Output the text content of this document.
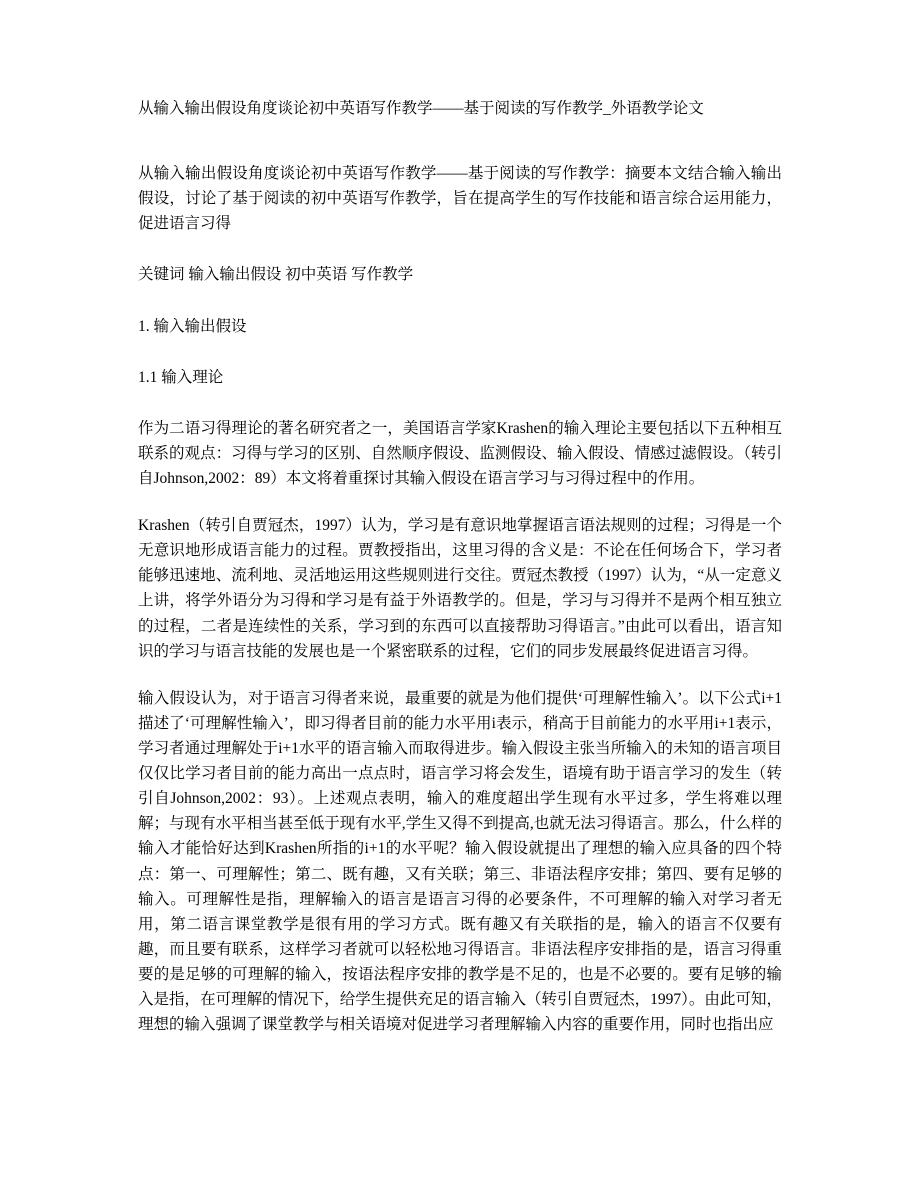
从输入输出假设角度谈论初中英语写作教学——基于阅读的写作教学_外语教学论文

从输入输出假设角度谈论初中英语写作教学——基于阅读的写作教学：摘要本文结合输入输出假设，讨论了基于阅读的初中英语写作教学，旨在提高学生的写作技能和语言综合运用能力，促进语言习得

关键词 输入输出假设 初中英语 写作教学

1. 输入输出假设

1.1 输入理论

作为二语习得理论的著名研究者之一，美国语言学家Krashen的输入理论主要包括以下五种相互联系的观点：习得与学习的区别、自然顺序假设、监测假设、输入假设、情感过滤假设。（转引自Johnson,2002：89）本文将着重探讨其输入假设在语言学习与习得过程中的作用。

Krashen（转引自贾冠杰，1997）认为，学习是有意识地掌握语言语法规则的过程；习得是一个无意识地形成语言能力的过程。贾教授指出，这里习得的含义是：不论在任何场合下，学习者能够迅速地、流利地、灵活地运用这些规则进行交往。贾冠杰教授（1997）认为，“从一定意义上讲，将学外语分为习得和学习是有益于外语教学的。但是，学习与习得并不是两个相互独立的过程，二者是连续性的关系，学习到的东西可以直接帮助习得语言。”由此可以看出，语言知识的学习与语言技能的发展也是一个紧密联系的过程，它们的同步发展最终促进语言习得。

输入假设认为，对于语言习得者来说，最重要的就是为他们提供‘可理解性输入’。以下公式i+1描述了‘可理解性输入’，即习得者目前的能力水平用i表示，稍高于目前能力的水平用i+1表示，学习者通过理解处于i+1水平的语言输入而取得进步。输入假设主张当所输入的未知的语言项目仅仅比学习者目前的能力高出一点点时，语言学习将会发生，语境有助于语言学习的发生（转引自Johnson,2002：93）。上述观点表明，输入的难度超出学生现有水平过多，学生将难以理解；与现有水平相当甚至低于现有水平,学生又得不到提高,也就无法习得语言。那么，什么样的输入才能恰好达到Krashen所指的i+1的水平呢？输入假设就提出了理想的输入应具备的四个特点：第一、可理解性；第二、既有趣，又有关联；第三、非语法程序安排；第四、要有足够的输入。可理解性是指，理解输入的语言是语言习得的必要条件，不可理解的输入对学习者无用，第二语言课堂教学是很有用的学习方式。既有趣又有关联指的是，输入的语言不仅要有趣，而且要有联系，这样学习者就可以轻松地习得语言。非语法程序安排指的是，语言习得重要的是足够的可理解的输入，按语法程序安排的教学是不足的，也是不必要的。要有足够的输入是指，在可理解的情况下，给学生提供充足的语言输入（转引自贾冠杰，1997）。由此可知，理想的输入强调了课堂教学与相关语境对促进学习者理解输入内容的重要作用，同时也指出应
